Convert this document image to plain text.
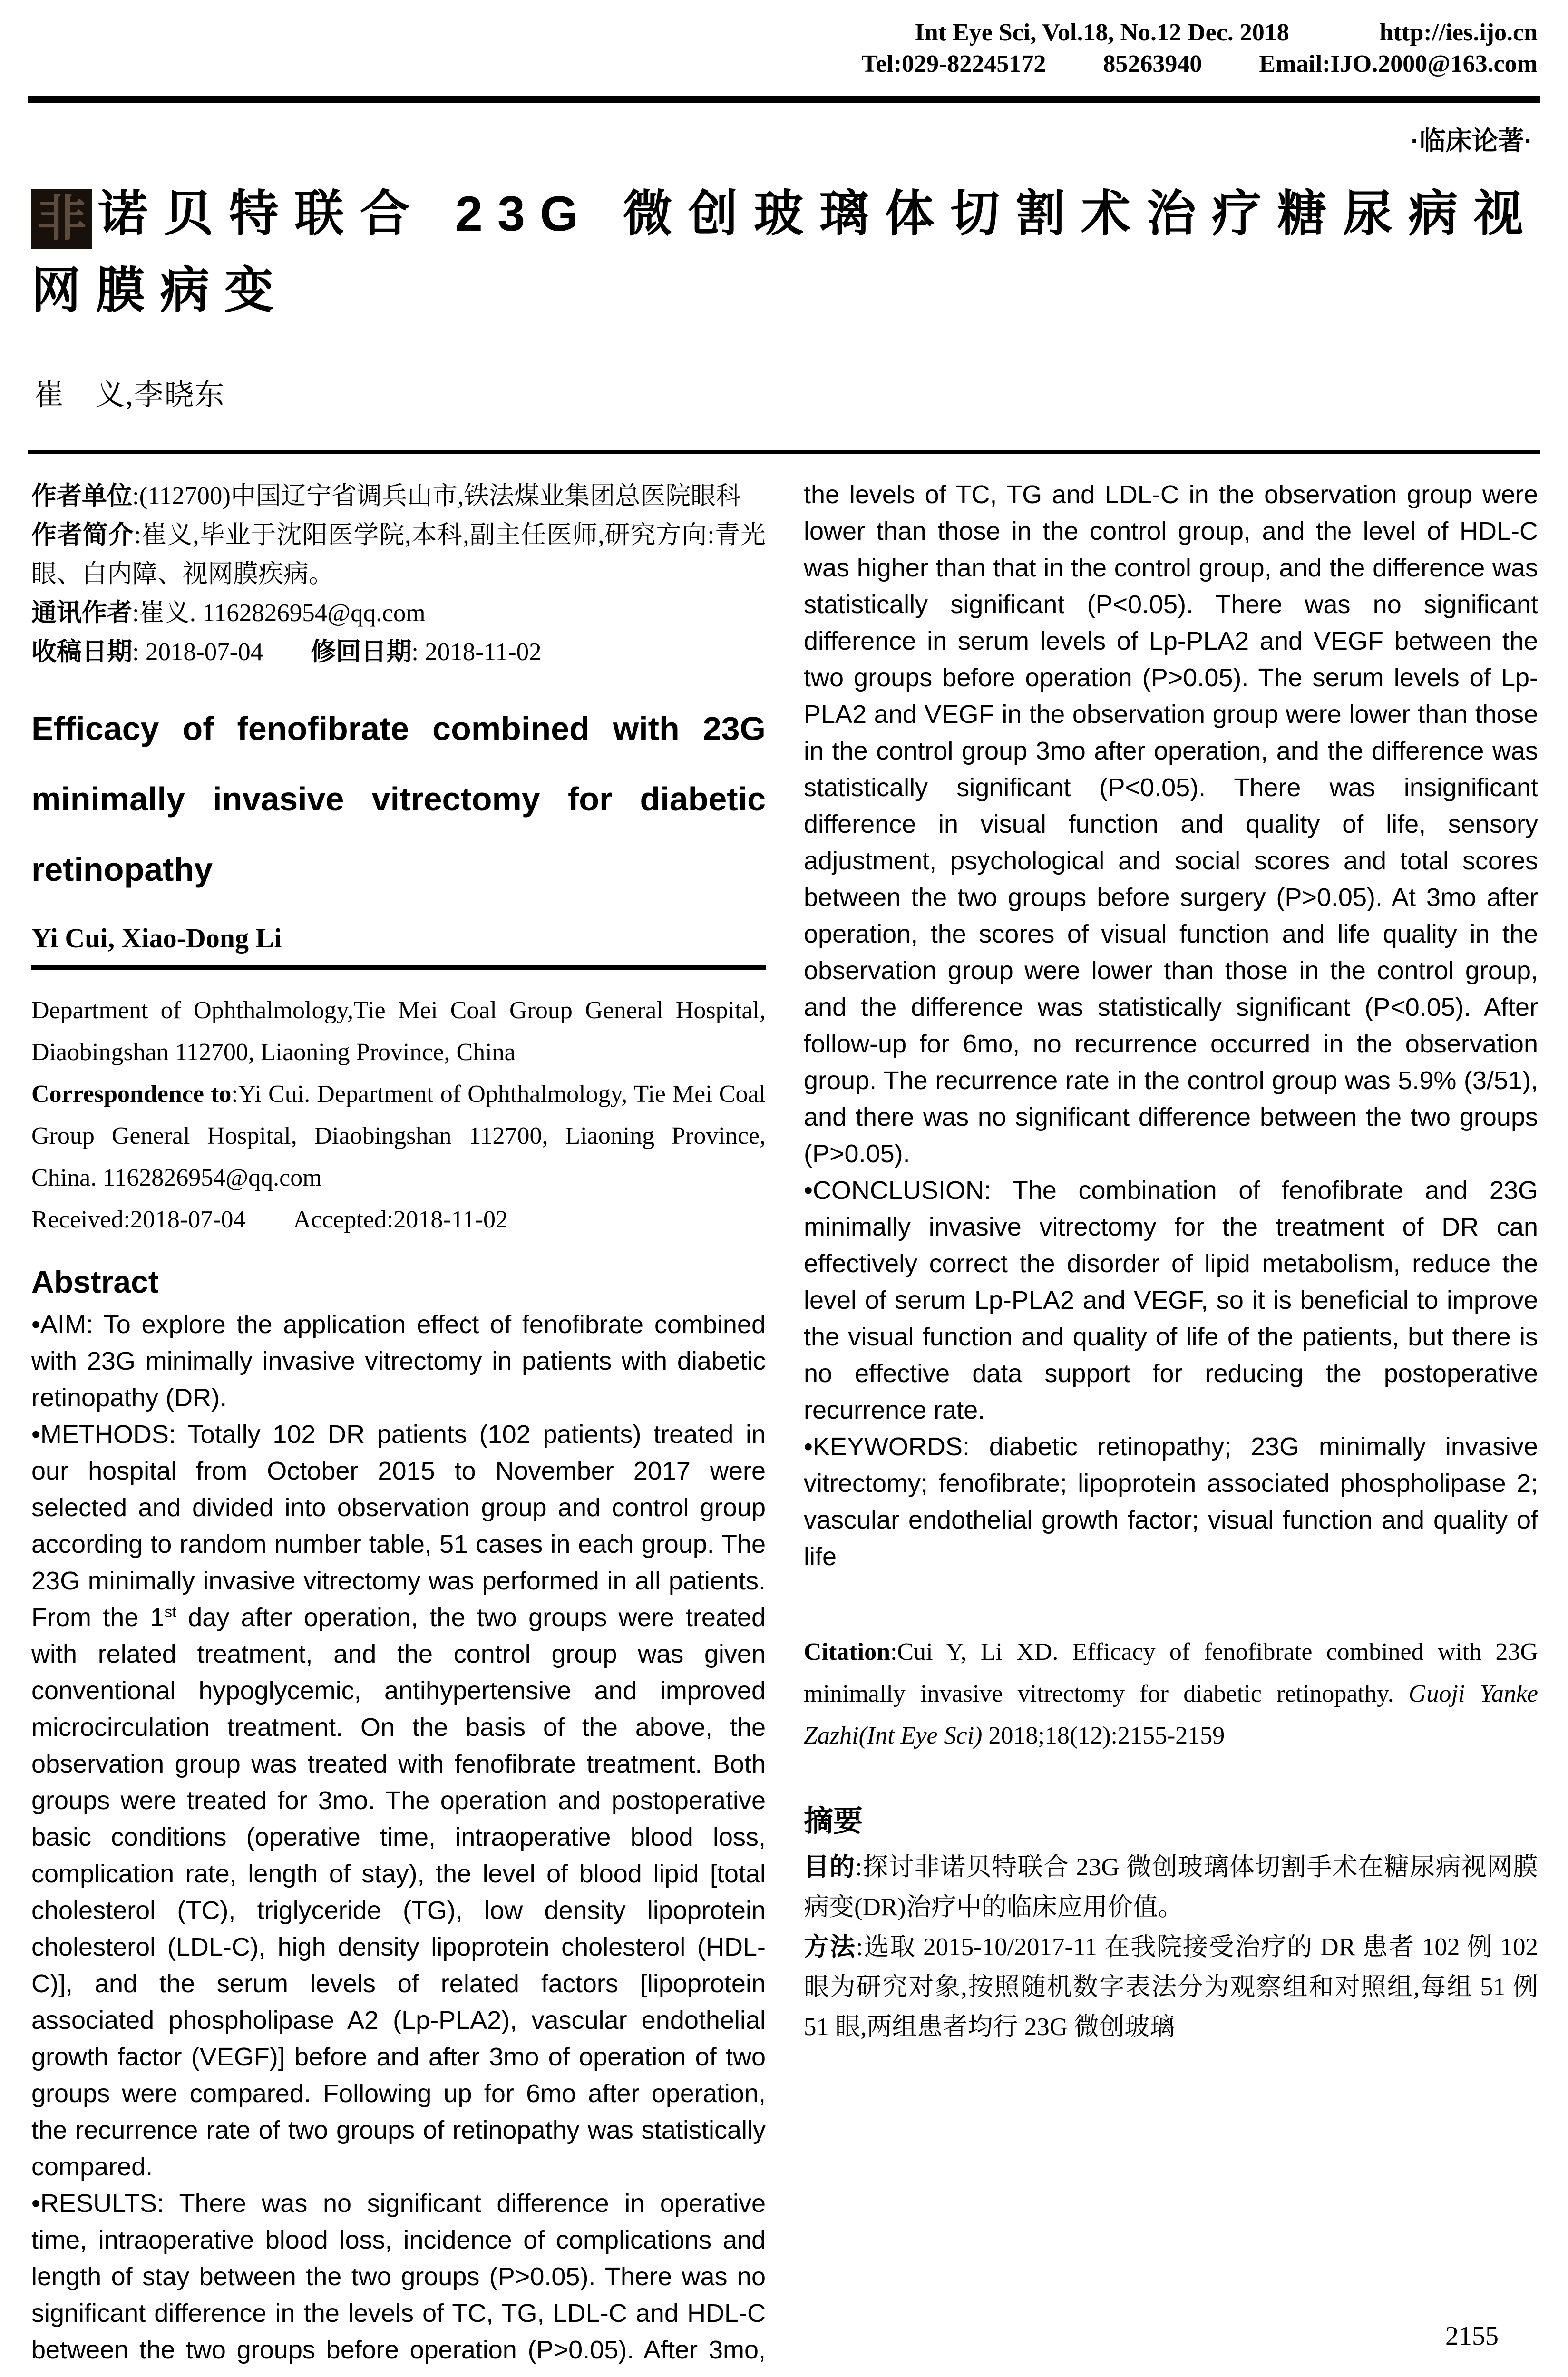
Int Eye Sci, Vol.18, No.12 Dec. 2018	http://ies.ijo.cn
Tel:029-82245172 85263940 Email:IJO.2000@163.com
·临床论著·
非 诺贝特联合 23G 微创玻璃体切割术治疗糖尿病视网膜病变
崔　义,李晓东

作者单位:(112700)中国辽宁省调兵山市,铁法煤业集团总医院眼科

作者简介:崔义,毕业于沈阳医学院,本科,副主任医师,研究方向:青光眼、白内障、视网膜疾病。

通讯作者:崔义. 1162826954@qq.com

收稿日期: 2018-07-04 修回日期: 2018-11-02

Efficacy of fenofibrate combined with 23G minimally invasive vitrectomy for diabetic retinopathy
Yi Cui, Xiao-Dong Li

Department of Ophthalmology,Tie Mei Coal Group General Hospital, Diaobingshan 112700, Liaoning Province, China

Correspondence to:Yi Cui. Department of Ophthalmology, Tie Mei Coal Group General Hospital, Diaobingshan 112700, Liaoning Province, China. 1162826954@qq.com

Received:2018-07-04 Accepted:2018-11-02

Abstract

•AIM: To explore the application effect of fenofibrate combined with 23G minimally invasive vitrectomy in patients with diabetic retinopathy (DR).

•METHODS: Totally 102 DR patients (102 patients) treated in our hospital from October 2015 to November 2017 were selected and divided into observation group and control group according to random number table, 51 cases in each group. The 23G minimally invasive vitrectomy was performed in all patients. From the 1st day after operation, the two groups were treated with related treatment, and the control group was given conventional hypoglycemic, antihypertensive and improved microcirculation treatment. On the basis of the above, the observation group was treated with fenofibrate treatment. Both groups were treated for 3mo. The operation and postoperative basic conditions (operative time, intraoperative blood loss, complication rate, length of stay), the level of blood lipid [total cholesterol (TC), triglyceride (TG), low density lipoprotein cholesterol (LDL-C), high density lipoprotein cholesterol (HDL-C)], and the serum levels of related factors [lipoprotein associated phospholipase A2 (Lp-PLA2), vascular endothelial growth factor (VEGF)] before and after 3mo of operation of two groups were compared. Following up for 6mo after operation, the recurrence rate of two groups of retinopathy was statistically compared.

•RESULTS: There was no significant difference in operative time, intraoperative blood loss, incidence of complications and length of stay between the two groups (P>0.05). There was no significant difference in the levels of TC, TG, LDL-C and HDL-C between the two groups before operation (P>0.05). After 3mo, the levels of TC, TG and LDL-C in the observation group were lower than those in the control group, and the level of HDL-C was higher than that in the control group, and the difference was statistically significant (P<0.05). There was no significant difference in serum levels of Lp-PLA2 and VEGF between the two groups before operation (P>0.05). The serum levels of Lp-PLA2 and VEGF in the observation group were lower than those in the control group 3mo after operation, and the difference was statistically significant (P<0.05). There was insignificant difference in visual function and quality of life, sensory adjustment, psychological and social scores and total scores between the two groups before surgery (P>0.05). At 3mo after operation, the scores of visual function and life quality in the observation group were lower than those in the control group, and the difference was statistically significant (P<0.05). After follow-up for 6mo, no recurrence occurred in the observation group. The recurrence rate in the control group was 5.9% (3/51), and there was no significant difference between the two groups (P>0.05).

•CONCLUSION: The combination of fenofibrate and 23G minimally invasive vitrectomy for the treatment of DR can effectively correct the disorder of lipid metabolism, reduce the level of serum Lp-PLA2 and VEGF, so it is beneficial to improve the visual function and quality of life of the patients, but there is no effective data support for reducing the postoperative recurrence rate.

•KEYWORDS: diabetic retinopathy; 23G minimally invasive vitrectomy; fenofibrate; lipoprotein associated phospholipase 2; vascular endothelial growth factor; visual function and quality of life

Citation:Cui Y, Li XD. Efficacy of fenofibrate combined with 23G minimally invasive vitrectomy for diabetic retinopathy. Guoji Yanke Zazhi(Int Eye Sci) 2018;18(12):2155-2159

摘要

目的:探讨非诺贝特联合 23G 微创玻璃体切割手术在糖尿病视网膜病变(DR)治疗中的临床应用价值。

方法:选取 2015-10/2017-11 在我院接受治疗的 DR 患者 102 例 102 眼为研究对象,按照随机数字表法分为观察组和对照组,每组 51 例 51 眼,两组患者均行 23G 微创玻璃

2155
